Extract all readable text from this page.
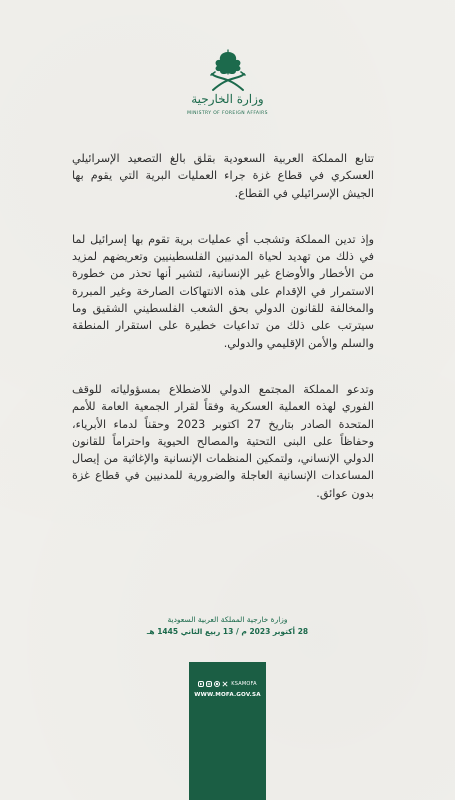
وزارة الخارجية
MINISTRY OF FOREIGN AFFAIRS

تتابع المملكة العربية السعودية بقلق بالغ التصعيد الإسرائيلي العسكري في قطاع غزة جراء العمليات البرية التي يقوم بها الجيش الإسرائيلي في القطاع.

وإذ تدين المملكة وتشجب أي عمليات برية تقوم بها إسرائيل لما في ذلك من تهديد لحياة المدنيين الفلسطينيين وتعريضهم لمزيد من الأخطار والأوضاع غير الإنسانية، لتشير أنها تحذر من خطورة الاستمرار في الإقدام على هذه الانتهاكات الصارخة وغير المبررة والمخالفة للقانون الدولي بحق الشعب الفلسطيني الشقيق وما سيترتب على ذلك من تداعيات خطيرة على استقرار المنطقة والسلم والأمن الإقليمي والدولي.

وتدعو المملكة المجتمع الدولي للاضطلاع بمسؤولياته للوقف الفوري لهذه العملية العسكرية وفقاً لقرار الجمعية العامة للأمم المتحدة الصادر بتاريخ 27 اكتوبر 2023 وحقناً لدماء الأبرياء، وحفاظاً على البنى التحتية والمصالح الحيوية واحتراماً للقانون الدولي الإنساني، ولتمكين المنظمات الإنسانية والإغاثية من إيصال المساعدات الإنسانية العاجلة والضرورية للمدنيين في قطاع غزة بدون عوائق.

وزارة خارجية المملكة العربية السعودية
28 أكتوبر 2023 م / 13 ربيع الثاني 1445 هـ
KSAMOFA
WWW.MOFA.GOV.SA
